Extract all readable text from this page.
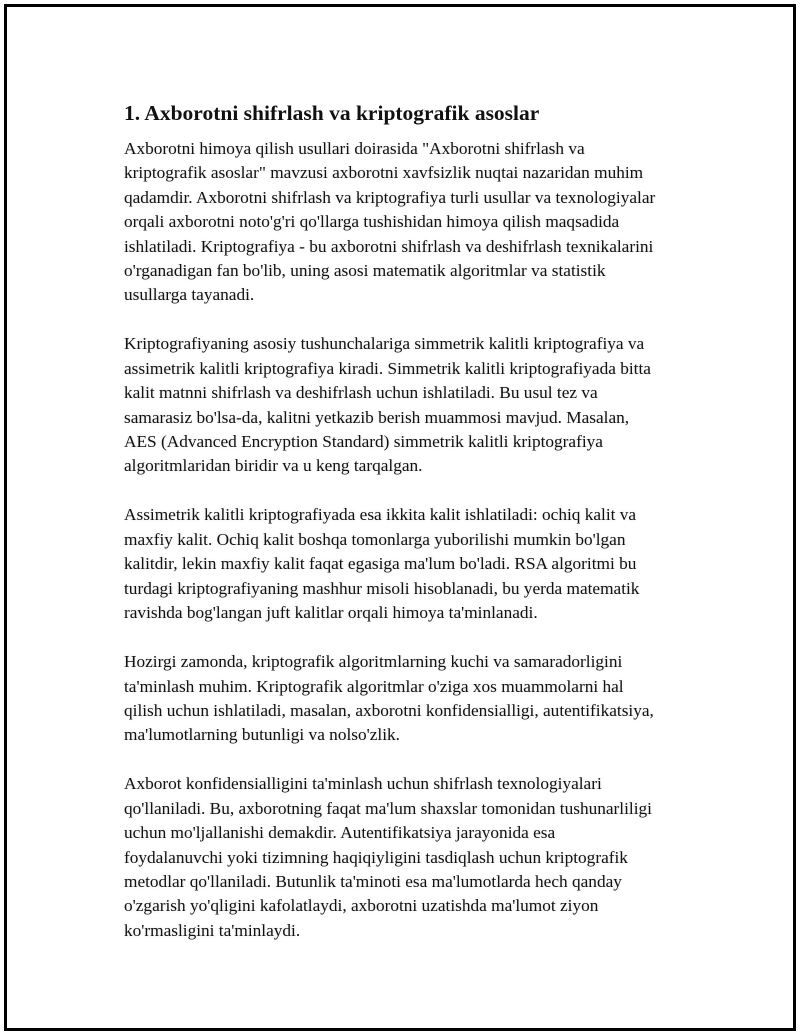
1. Axborotni shifrlash va kriptografik asoslar
Axborotni himoya qilish usullari doirasida "Axborotni shifrlash va
kriptografik asoslar" mavzusi axborotni xavfsizlik nuqtai nazaridan muhim
qadamdir. Axborotni shifrlash va kriptografiya turli usullar va texnologiyalar
orqali axborotni noto'g'ri qo'llarga tushishidan himoya qilish maqsadida
ishlatiladi. Kriptografiya - bu axborotni shifrlash va deshifrlash texnikalarini
o'rganadigan fan bo'lib, uning asosi matematik algoritmlar va statistik
usullarga tayanadi.
Kriptografiyaning asosiy tushunchalariga simmetrik kalitli kriptografiya va
assimetrik kalitli kriptografiya kiradi. Simmetrik kalitli kriptografiyada bitta
kalit matnni shifrlash va deshifrlash uchun ishlatiladi. Bu usul tez va
samarasiz bo'lsa-da, kalitni yetkazib berish muammosi mavjud. Masalan,
AES (Advanced Encryption Standard) simmetrik kalitli kriptografiya
algoritmlaridan biridir va u keng tarqalgan.
Assimetrik kalitli kriptografiyada esa ikkita kalit ishlatiladi: ochiq kalit va
maxfiy kalit. Ochiq kalit boshqa tomonlarga yuborilishi mumkin bo'lgan
kalitdir, lekin maxfiy kalit faqat egasiga ma'lum bo'ladi. RSA algoritmi bu
turdagi kriptografiyaning mashhur misoli hisoblanadi, bu yerda matematik
ravishda bog'langan juft kalitlar orqali himoya ta'minlanadi.
Hozirgi zamonda, kriptografik algoritmlarning kuchi va samaradorligini
ta'minlash muhim. Kriptografik algoritmlar o'ziga xos muammolarni hal
qilish uchun ishlatiladi, masalan, axborotni konfidensialligi, autentifikatsiya,
ma'lumotlarning butunligi va nolso'zlik.
Axborot konfidensialligini ta'minlash uchun shifrlash texnologiyalari
qo'llaniladi. Bu, axborotning faqat ma'lum shaxslar tomonidan tushunarliligi
uchun mo'ljallanishi demakdir. Autentifikatsiya jarayonida esa
foydalanuvchi yoki tizimning haqiqiyligini tasdiqlash uchun kriptografik
metodlar qo'llaniladi. Butunlik ta'minoti esa ma'lumotlarda hech qanday
o'zgarish yo'qligini kafolatlaydi, axborotni uzatishda ma'lumot ziyon
ko'rmasligini ta'minlaydi.
